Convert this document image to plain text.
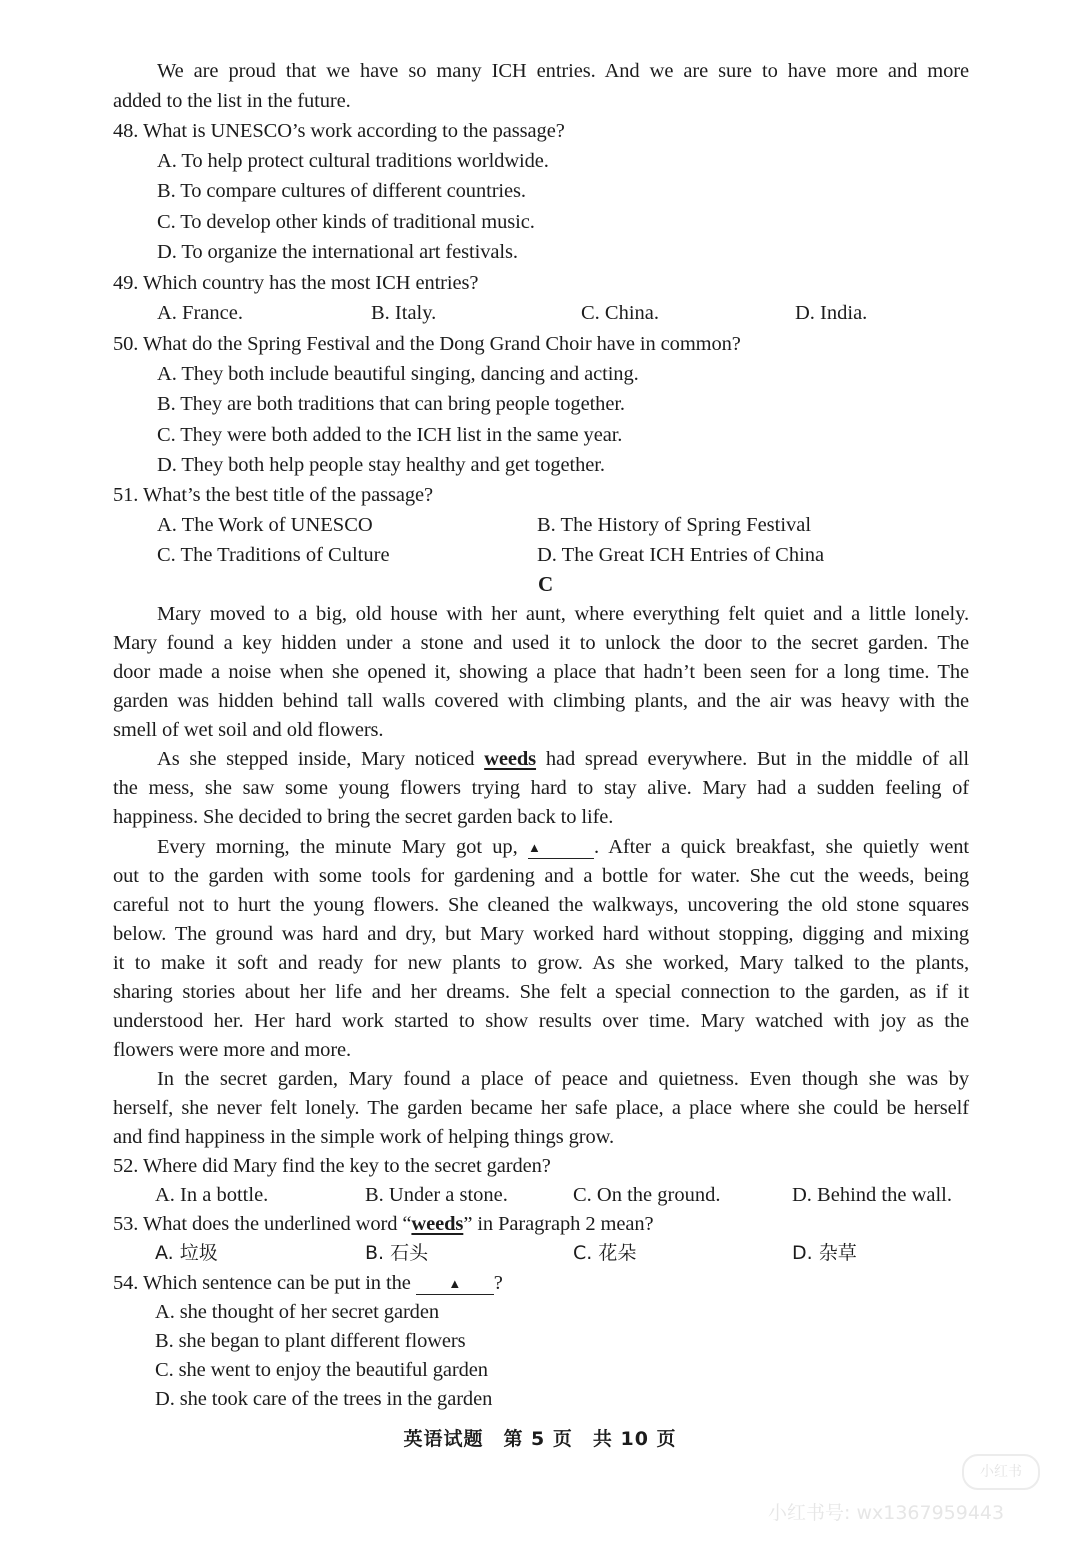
We are proud that we have so many ICH entries. And we are sure to have more and more
added to the list in the future.
48. What is UNESCO’s work according to the passage?
A. To help protect cultural traditions worldwide.
B. To compare cultures of different countries.
C. To develop other kinds of traditional music.
D. To organize the international art festivals.
49. Which country has the most ICH entries?
A. France.	B. Italy.	C. China.	D. India.
50. What do the Spring Festival and the Dong Grand Choir have in common?
A. They both include beautiful singing, dancing and acting.
B. They are both traditions that can bring people together.
C. They were both added to the ICH list in the same year.
D. They both help people stay healthy and get together.
51. What’s the best title of the passage?
A. The Work of UNESCO	B. The History of Spring Festival
C. The Traditions of Culture	D. The Great ICH Entries of China
C
Mary moved to a big, old house with her aunt, where everything felt quiet and a little lonely.
Mary found a key hidden under a stone and used it to unlock the door to the secret garden. The
door made a noise when she opened it, showing a place that hadn’t been seen for a long time. The
garden was hidden behind tall walls covered with climbing plants, and the air was heavy with the
smell of wet soil and old flowers.
As she stepped inside, Mary noticed weeds had spread everywhere. But in the middle of all
the mess, she saw some young flowers trying hard to stay alive. Mary had a sudden feeling of
happiness. She decided to bring the secret garden back to life.
Every morning, the minute Mary got up, ▲	. After a quick breakfast, she quietly went
out to the garden with some tools for gardening and a bottle for water. She cut the weeds, being
careful not to hurt the young flowers. She cleaned the walkways, uncovering the old stone squares
below. The ground was hard and dry, but Mary worked hard without stopping, digging and mixing
it to make it soft and ready for new plants to grow. As she worked, Mary talked to the plants,
sharing stories about her life and her dreams. She felt a special connection to the garden, as if it
understood her. Her hard work started to show results over time. Mary watched with joy as the
flowers were more and more.
In the secret garden, Mary found a place of peace and quietness. Even though she was by
herself, she never felt lonely. The garden became her safe place, a place where she could be herself
and find happiness in the simple work of helping things grow.
52. Where did Mary find the key to the secret garden?
A. In a bottle.	B. Under a stone.	C. On the ground.	D. Behind the wall.
53. What does the underlined word “weeds” in Paragraph 2 mean?
A. 垃圾	B. 石头	C. 花朵	D. 杂草
54. Which sentence can be put in the	▲ ?
A. she thought of her secret garden
B. she began to plant different flowers
C. she went to enjoy the beautiful garden
D. she took care of the trees in the garden
英语试题　第 5 页　共 10 页
小红书
小红书号: wx1367959443
